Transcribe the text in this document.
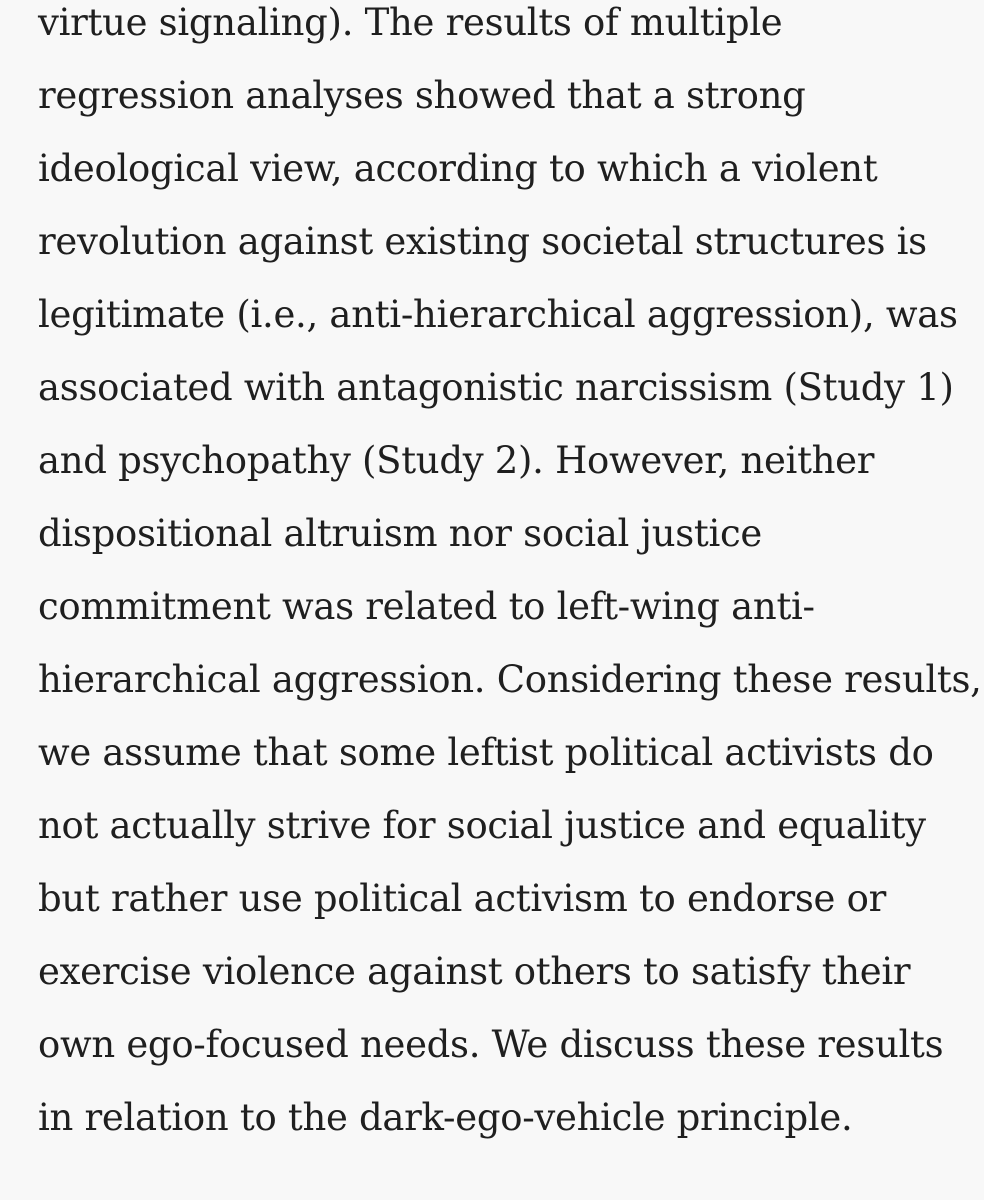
virtue signaling). The results of multiple
regression analyses showed that a strong
ideological view, according to which a violent
revolution against existing societal structures is
legitimate (i.e., anti-hierarchical aggression), was
associated with antagonistic narcissism (Study 1)
and psychopathy (Study 2). However, neither
dispositional altruism nor social justice
commitment was related to left-wing anti-
hierarchical aggression. Considering these results,
we assume that some leftist political activists do
not actually strive for social justice and equality
but rather use political activism to endorse or
exercise violence against others to satisfy their
own ego-focused needs. We discuss these results
in relation to the dark-ego-vehicle principle.
